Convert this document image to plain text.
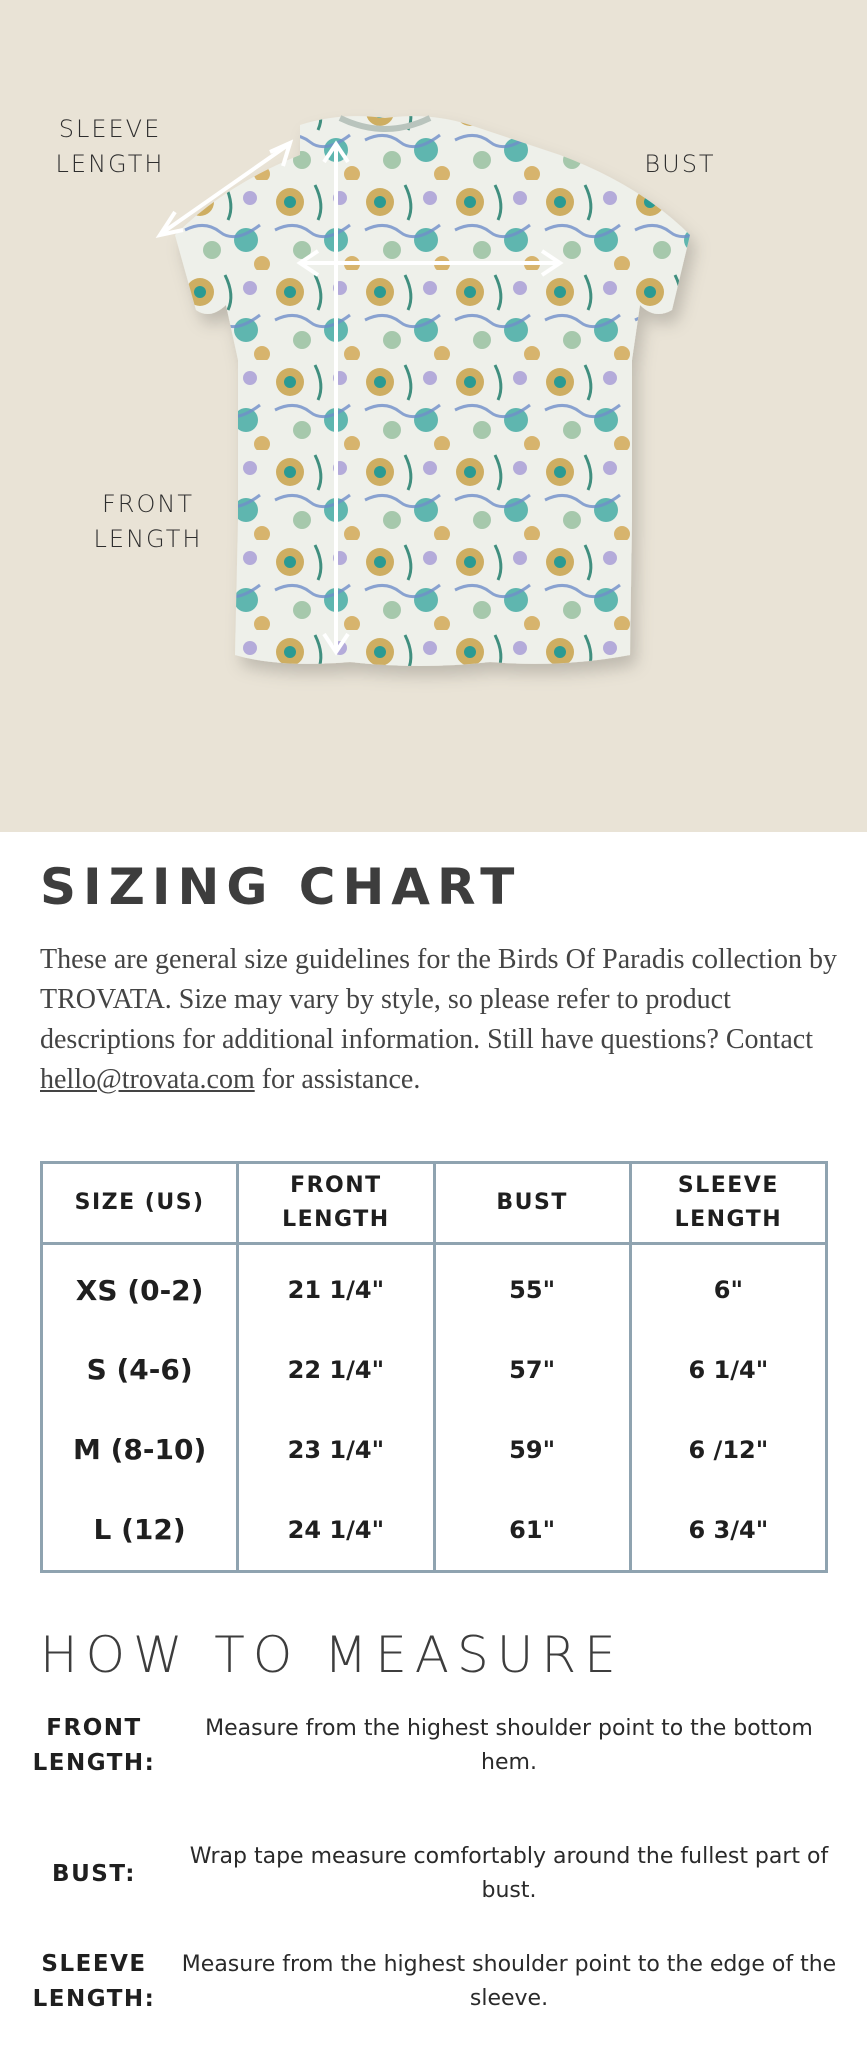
SLEEVE LENGTH	BUST
FRONT LENGTH
SIZING CHART

These are general size guidelines for the Birds Of Paradis collection by TROVATA. Size may vary by style, so please refer to product descriptions for additional information. Still have questions? Contact hello@trovata.com for assistance.

SIZE (US)	FRONT LENGTH	BUST	SLEEVE LENGTH
XS (0-2)	21 1/4"	55"	6"
S (4-6)	22 1/4"	57"	6 1/4"
M (8-10)	23 1/4"	59"	6 /12"
L (12)	24 1/4"	61"	6 3/4"
HOW TO MEASURE
FRONT LENGTH:
Measure from the highest shoulder point to the bottom hem.
BUST:
Wrap tape measure comfortably around the fullest part of bust.
SLEEVE LENGTH:
Measure from the highest shoulder point to the edge of the sleeve.
